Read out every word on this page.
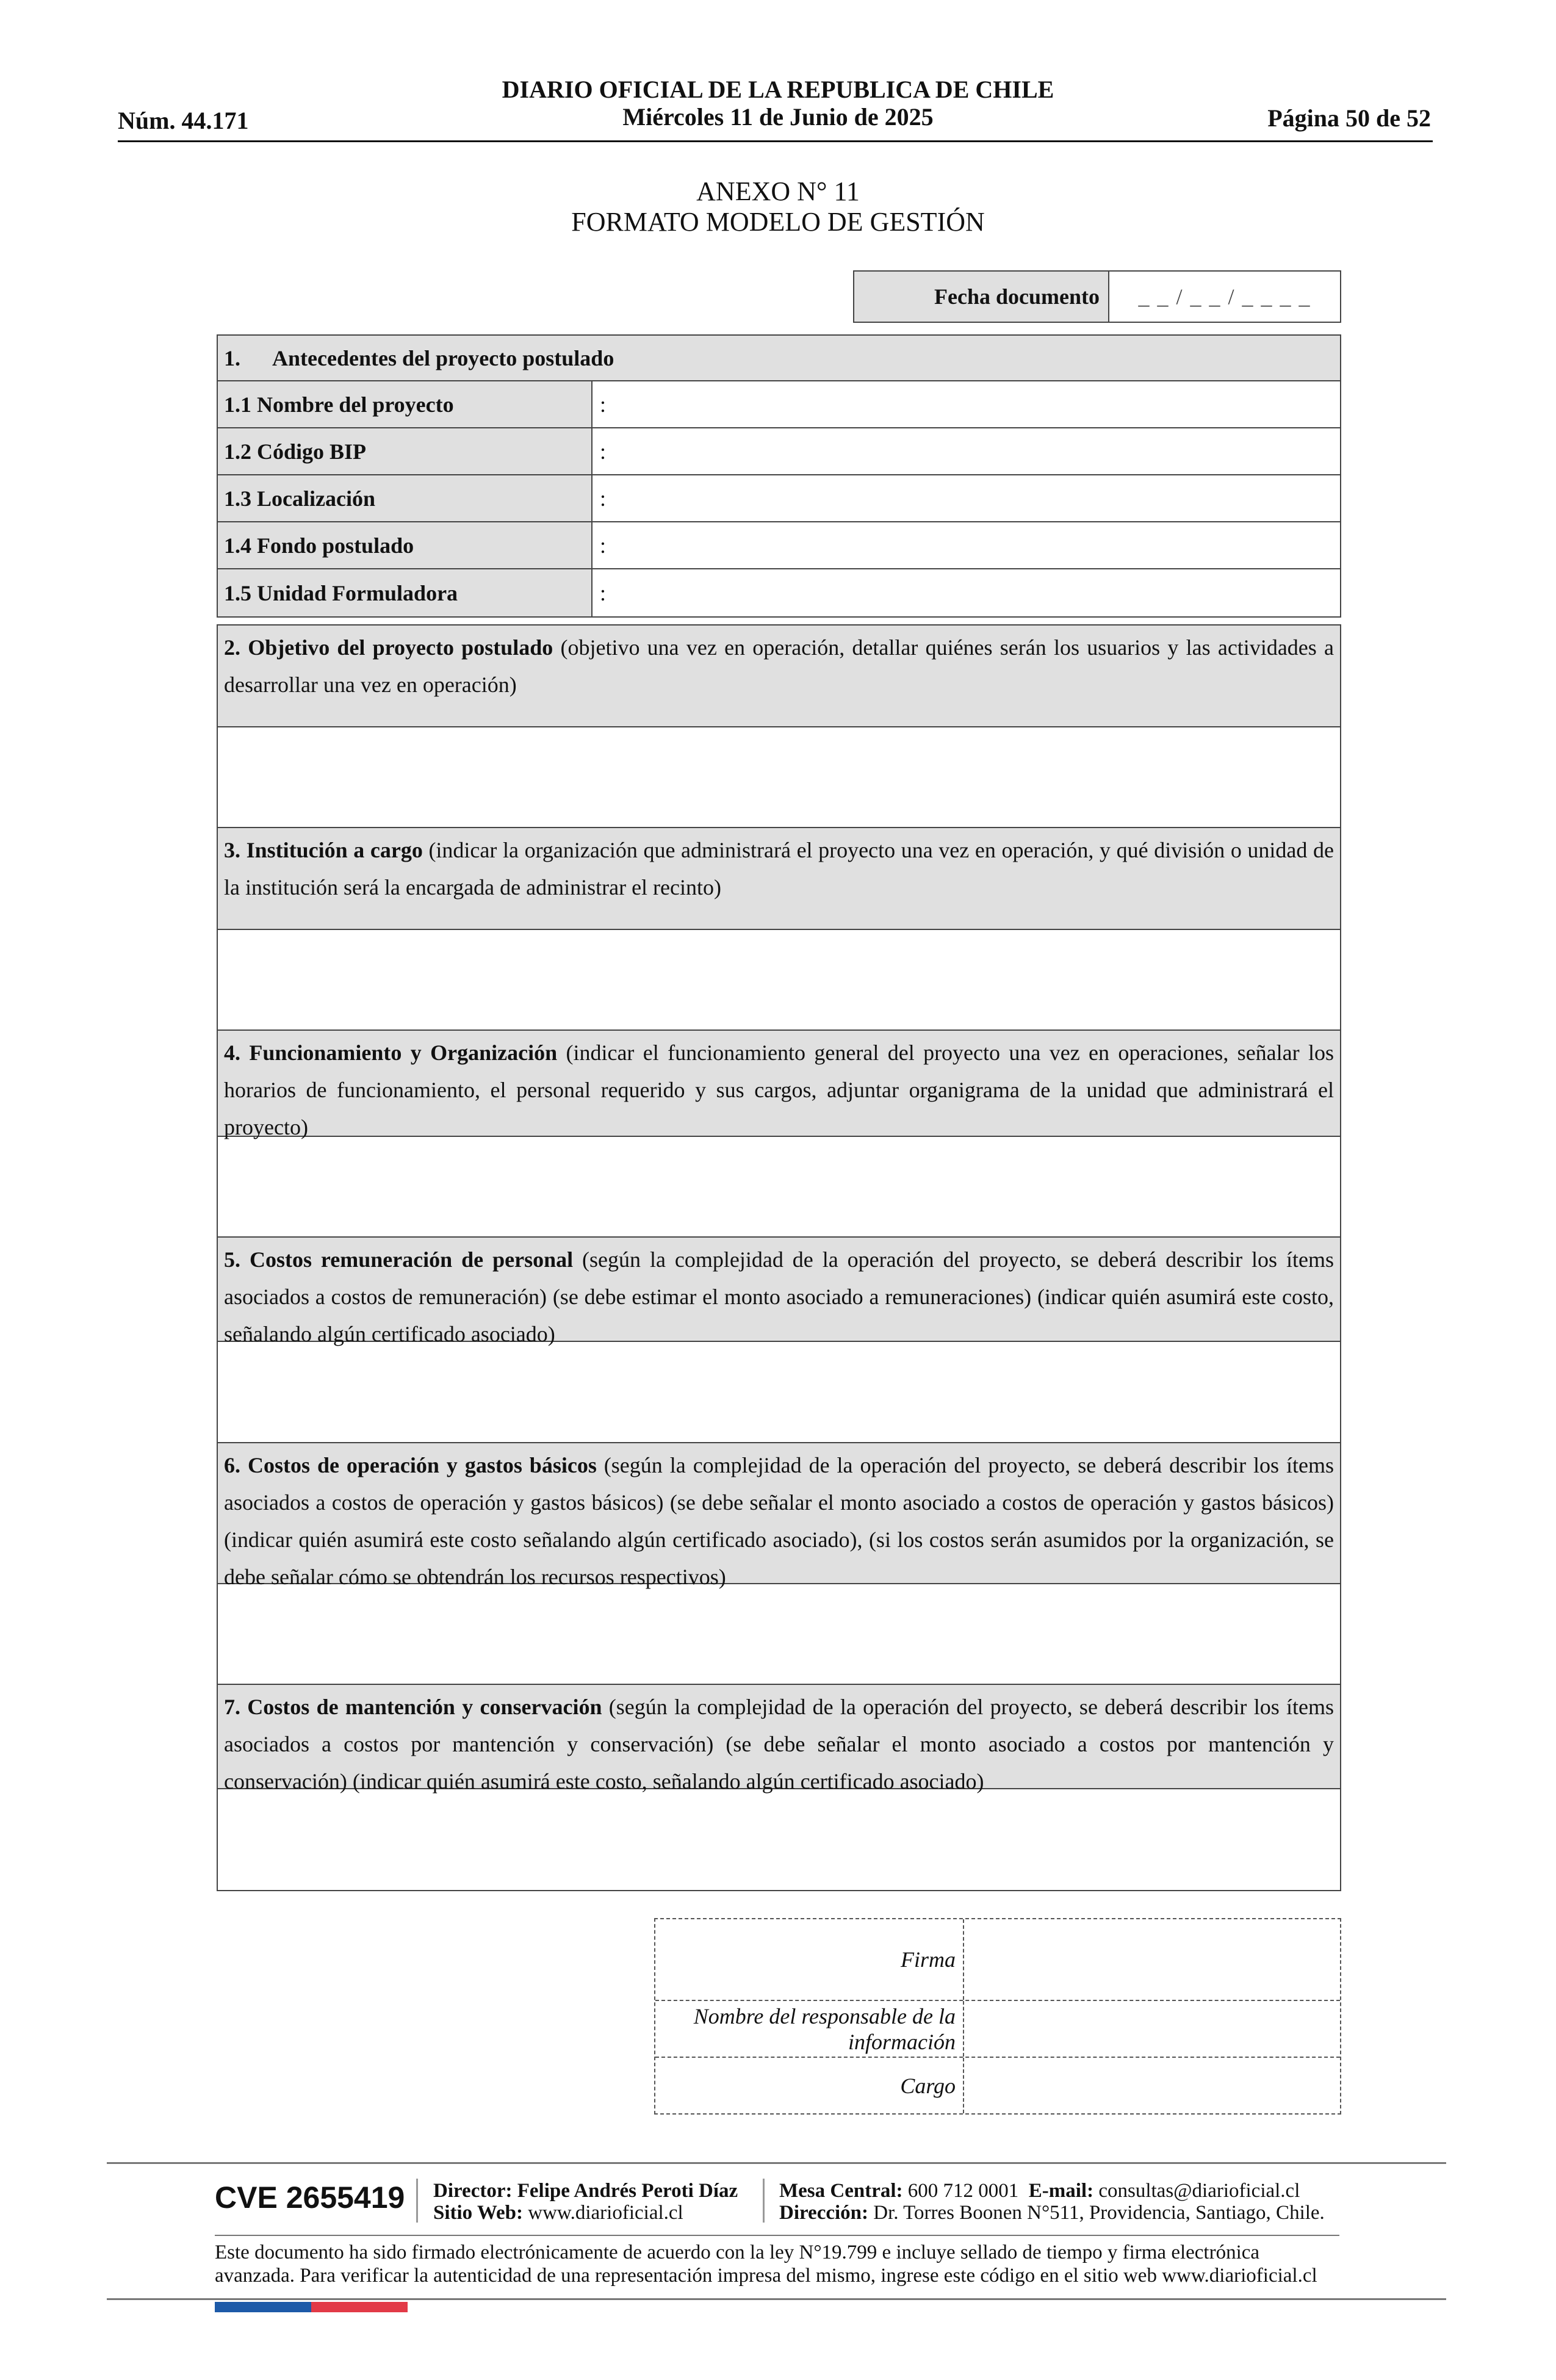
DIARIO OFICIAL DE LA REPUBLICA DE CHILE
Miércoles 11 de Junio de 2025
Núm. 44.171	Página 50 de 52
ANEXO N° 11
FORMATO MODELO DE GESTIÓN
Fecha documento	_ _ / _ _ / _ _ _ _
1.      Antecedentes del proyecto postulado
1.1 Nombre del proyecto	:
1.2 Código BIP	:
1.3 Localización	:
1.4 Fondo postulado	:
1.5 Unidad Formuladora	:
2. Objetivo del proyecto postulado (objetivo una vez en operación, detallar quiénes serán los usuarios y las actividades a desarrollar una vez en operación)
3. Institución a cargo (indicar la organización que administrará el proyecto una vez en operación, y qué división o unidad de la institución será la encargada de administrar el recinto)
4. Funcionamiento y Organización (indicar el funcionamiento general del proyecto una vez en operaciones, señalar los horarios de funcionamiento, el personal requerido y sus cargos, adjuntar organigrama de la unidad que administrará el proyecto)
5. Costos remuneración de personal (según la complejidad de la operación del proyecto, se deberá describir los ítems asociados a costos de remuneración) (se debe estimar el monto asociado a remuneraciones) (indicar quién asumirá este costo, señalando algún certificado asociado)
6. Costos de operación y gastos básicos (según la complejidad de la operación del proyecto, se deberá describir los ítems asociados a costos de operación y gastos básicos) (se debe señalar el monto asociado a costos de operación y gastos básicos) (indicar quién asumirá este costo señalando algún certificado asociado), (si los costos serán asumidos por la organización, se debe señalar cómo se obtendrán los recursos respectivos)
7. Costos de mantención y conservación (según la complejidad de la operación del proyecto, se deberá describir los ítems asociados a costos por mantención y conservación) (se debe señalar el monto asociado a costos por mantención y conservación) (indicar quién asumirá este costo, señalando algún certificado asociado)
Firma
Nombre del responsable de la información
Cargo
CVE 2655419 Director: Felipe Andrés Peroti Díaz
Sitio Web: www.diarioficial.cl
Mesa Central: 600 712 0001 E-mail: consultas@diarioficial.cl
Dirección: Dr. Torres Boonen N°511, Providencia, Santiago, Chile.
Este documento ha sido firmado electrónicamente de acuerdo con la ley N°19.799 e incluye sellado de tiempo y firma electrónica avanzada. Para verificar la autenticidad de una representación impresa del mismo, ingrese este código en el sitio web www.diarioficial.cl
